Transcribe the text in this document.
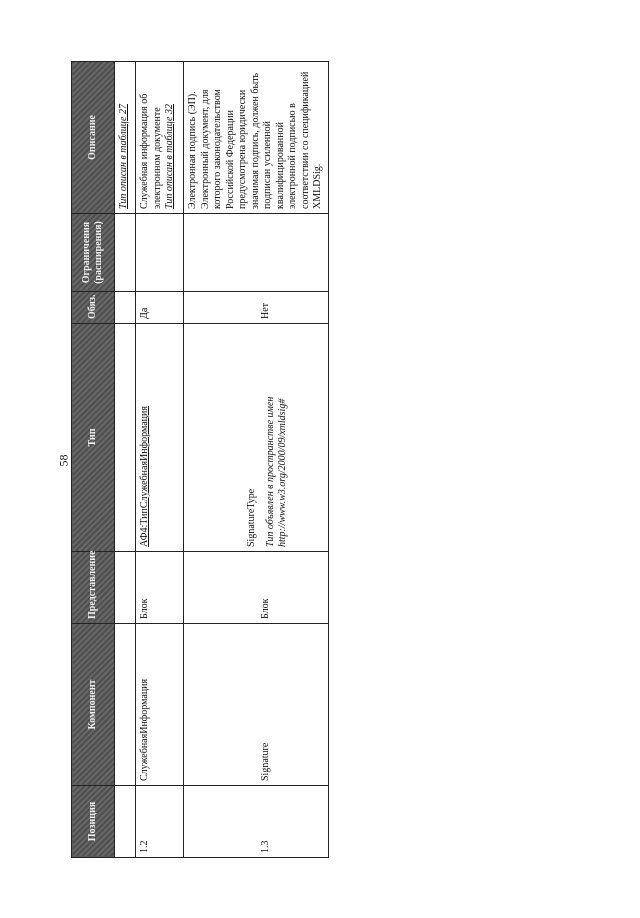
58
Позиция	Компонент	Представление	Тип	Обяз.	Ограничения (расширения)	Описание
						Тип описан в таблице 27
1.2	СлужебнаяИнформация	Блок	АФ4:ТипСлужебнаяИнформация	Да		Служебная информация об электронном документе Тип описан в таблице 32

1.3	Signature	Блок	SignatureType Тип объявлен в пространстве имен http://www.w3.org/2000/09/xmldsig#	Нет		Электронная подпись (ЭП). Электронный документ, для которого законодательством Российской Федерации предусмотрена юридически значимая подпись, должен быть подписан усиленной квалифицированной электронной подписью в соответствии со спецификацией XMLDSig.
